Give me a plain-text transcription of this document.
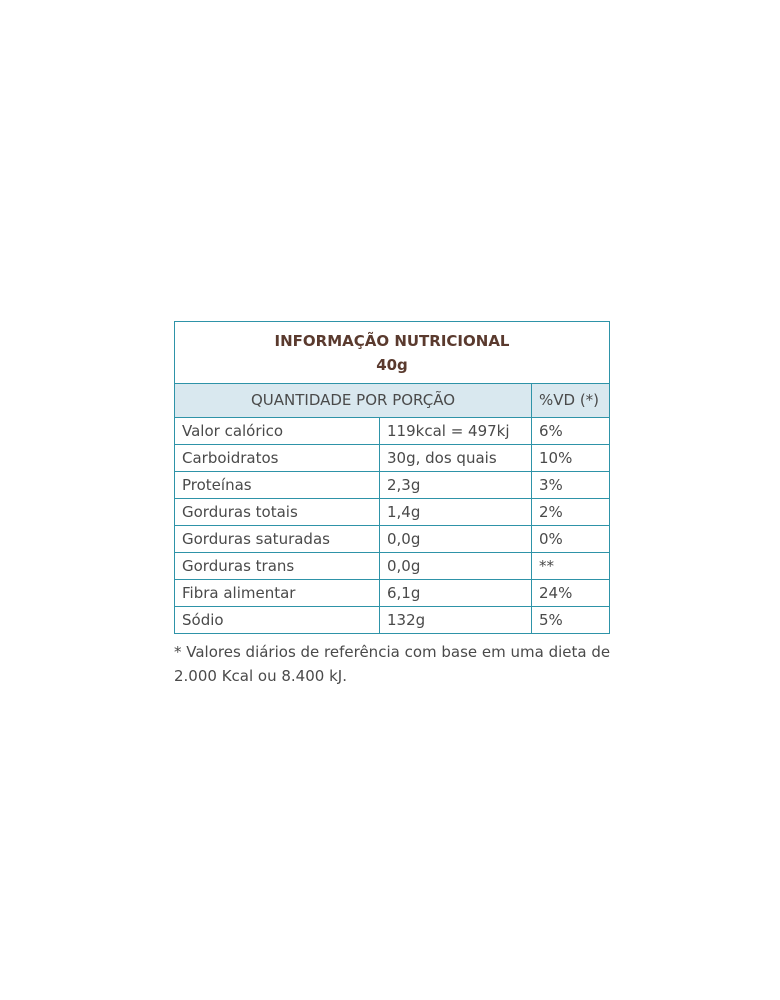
INFORMAÇÃO NUTRICIONAL
40g		

QUANTIDADE POR PORÇÃO		%VD (*)
Valor calórico	119kcal = 497kj	6%
Carboidratos	30g, dos quais	10%
Proteínas	2,3g	3%
Gorduras totais	1,4g	2%
Gorduras saturadas	0,0g	0%
Gorduras trans	0,0g	**
Fibra alimentar	6,1g	24%
Sódio	132g	5%
* Valores diários de referência com base em uma dieta de 2.000 Kcal ou 8.400 kJ.
